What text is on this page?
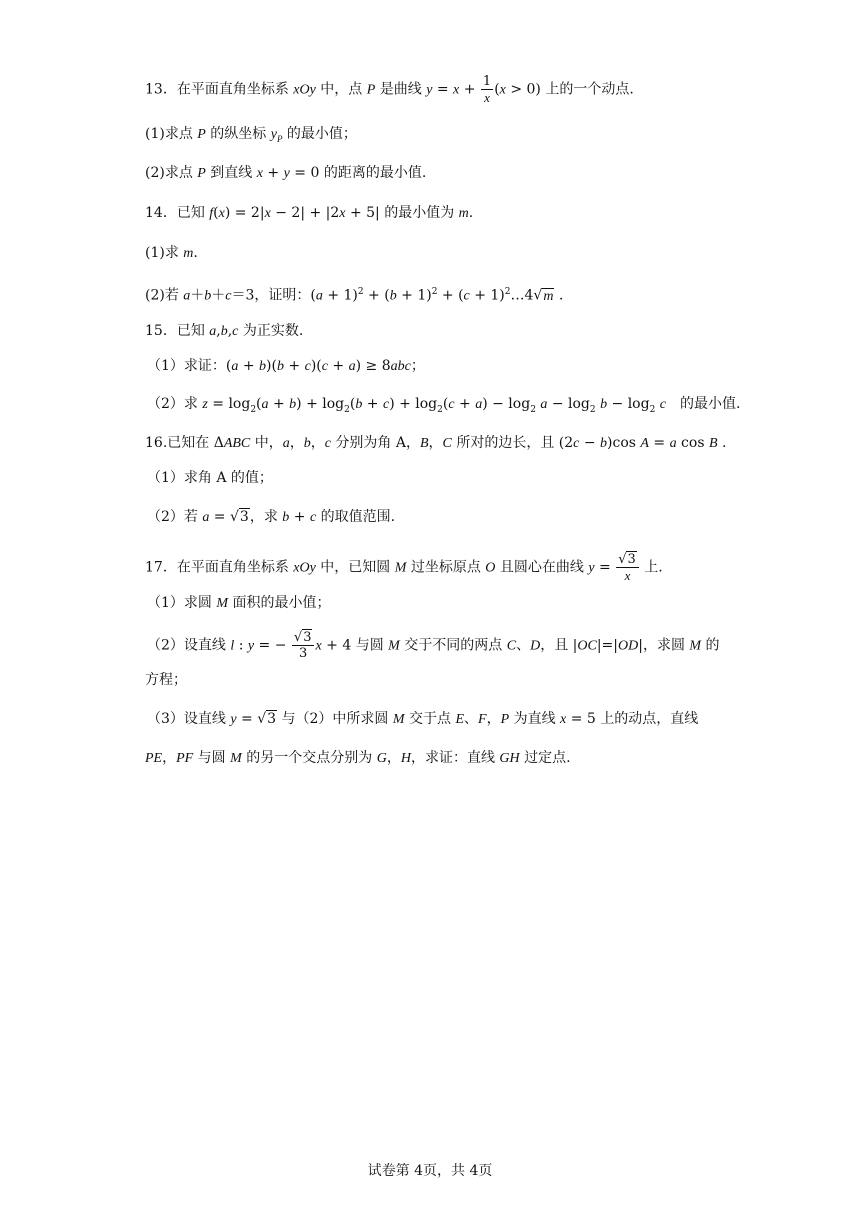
13．在平面直角坐标系 xOy 中，点 P 是曲线 $y = x + \frac{1}{x} (x > 0)$ 上的一个动点.
(1)求点 P 的纵坐标 $y_P$ 的最小值；
(2)求点 P 到直线 x + y = 0 的距离的最小值.
14．已知 f(x) = 2|x − 2| + |2x + 5| 的最小值为 m.
(1)求 m.
(2)若 a＋b＋c＝3，证明：$(a + 1)^2 + (b + 1)^2 + (c$ + $1)^2\dots 4√m$ .
15．已知 a,b,c 为正实数.
（1）求证：(a + b)(b + c)(c + a) ≥ 8abc；
（2）求 $z = \log_2(a + b) + \log_2(b + c) + \log_2(c + a) - \log_2 a - \log_2 b - \log_2 c$　的最小值.
16.已知在 ΔABC 中，a，b，c 分别为角 A，B，C 所对的边长，且 (2c − b)cos A = a cos B .
（1）求角 A 的值；
（2）若 a = √3，求 b + c 的取值范围.
17．在平面直角坐标系 xOy 中，已知圆 M 过坐标原点 O 且圆心在曲线 $y = \frac{√3}{x}$ 上.
（1）求圆 M 面积的最小值；
（2）设直线 l : y = − $\frac{√3}{3}$ x + 4 与圆 M 交于不同的两点 C、D，且 |OC|=|OD|，求圆 M 的
方程；
（3）设直线 y = √3 与（2）中所求圆 M 交于点 E、F，P 为直线 x = 5 上的动点，直线
PE，PF 与圆 M 的另一个交点分别为 G，H，求证：直线 GH 过定点.
试卷第 4页，共 4页
